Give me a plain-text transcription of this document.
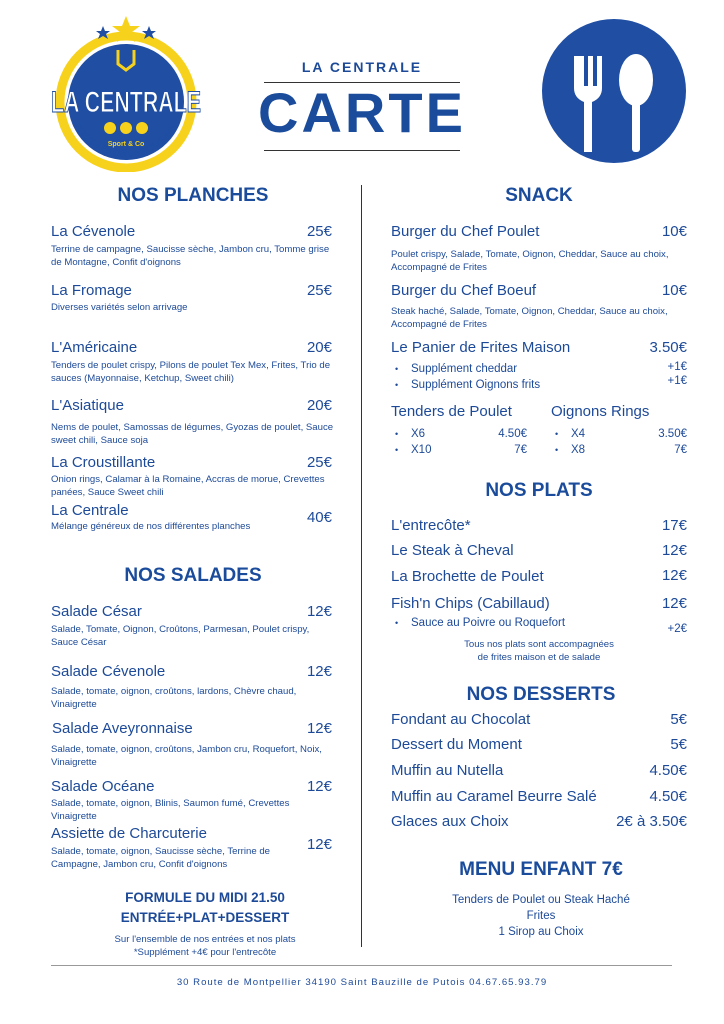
LA CENTRALE
Sport & Co
FOOT • PADEL • BOWLING
LA CENTRALE
CARTE
NOS PLANCHES
La Cévenole	25€
Terrine de campagne, Saucisse sèche, Jambon cru, Tomme grise de Montagne, Confit d'oignons
La Fromage	25€
Diverses variétés selon arrivage
L'Américaine	20€
Tenders de poulet crispy, Pilons de poulet Tex Mex, Frites, Trio de sauces (Mayonnaise, Ketchup, Sweet chili)
L'Asiatique	20€
Nems de poulet, Samossas de légumes, Gyozas de poulet, Sauce sweet chili, Sauce soja
La Croustillante	25€
Onion rings, Calamar à la Romaine, Accras de morue, Crevettes panées, Sauce Sweet chili
La Centrale	40€
Mélange généreux de nos différentes planches
NOS SALADES
Salade César	12€
Salade, Tomate, Oignon, Croûtons, Parmesan, Poulet crispy, Sauce César
Salade Cévenole	12€
Salade, tomate, oignon, croûtons, lardons, Chèvre chaud, Vinaigrette
Salade Aveyronnaise	12€
Salade, tomate, oignon, croûtons, Jambon cru, Roquefort, Noix, Vinaigrette
Salade Océane	12€
Salade, tomate, oignon, Blinis, Saumon fumé, Crevettes Vinaigrette
Assiette de Charcuterie
12€
Salade, tomate, oignon, Saucisse sèche, Terrine de Campagne, Jambon cru, Confit d'oignons
FORMULE DU MIDI 21.50
ENTRÉE+PLAT+DESSERT
Sur l'ensemble de nos entrées et nos plats
*Supplément +4€ pour l'entrecôte
SNACK
Burger du Chef Poulet	10€
Poulet crispy, Salade, Tomate, Oignon, Cheddar, Sauce au choix, Accompagné de Frites
Burger du Chef Boeuf	10€
Steak haché, Salade, Tomate, Oignon, Cheddar, Sauce au choix, Accompagné de Frites
Le Panier de Frites Maison	3.50€
• Supplément cheddar	+1€
• Supplément Oignons frits	+1€
Tenders de Poulet
• X6	4.50€
• X10	7€
Oignons Rings
• X4	3.50€
• X8	7€
NOS PLATS
L'entrecôte*	17€
Le Steak à Cheval	12€
La Brochette de Poulet	12€
Fish'n Chips (Cabillaud)	12€
• Sauce au Poivre ou Roquefort	+2€
Tous nos plats sont accompagnées
de frites maison et de salade
NOS DESSERTS
Fondant au Chocolat	5€
Dessert du Moment	5€
Muffin au Nutella	4.50€
Muffin au Caramel Beurre Salé	4.50€
Glaces aux Choix	2€ à 3.50€
MENU ENFANT 7€
Tenders de Poulet ou Steak Haché
Frites
1 Sirop au Choix
30 Route de Montpellier 34190 Saint Bauzille de Putois 04.67.65.93.79
